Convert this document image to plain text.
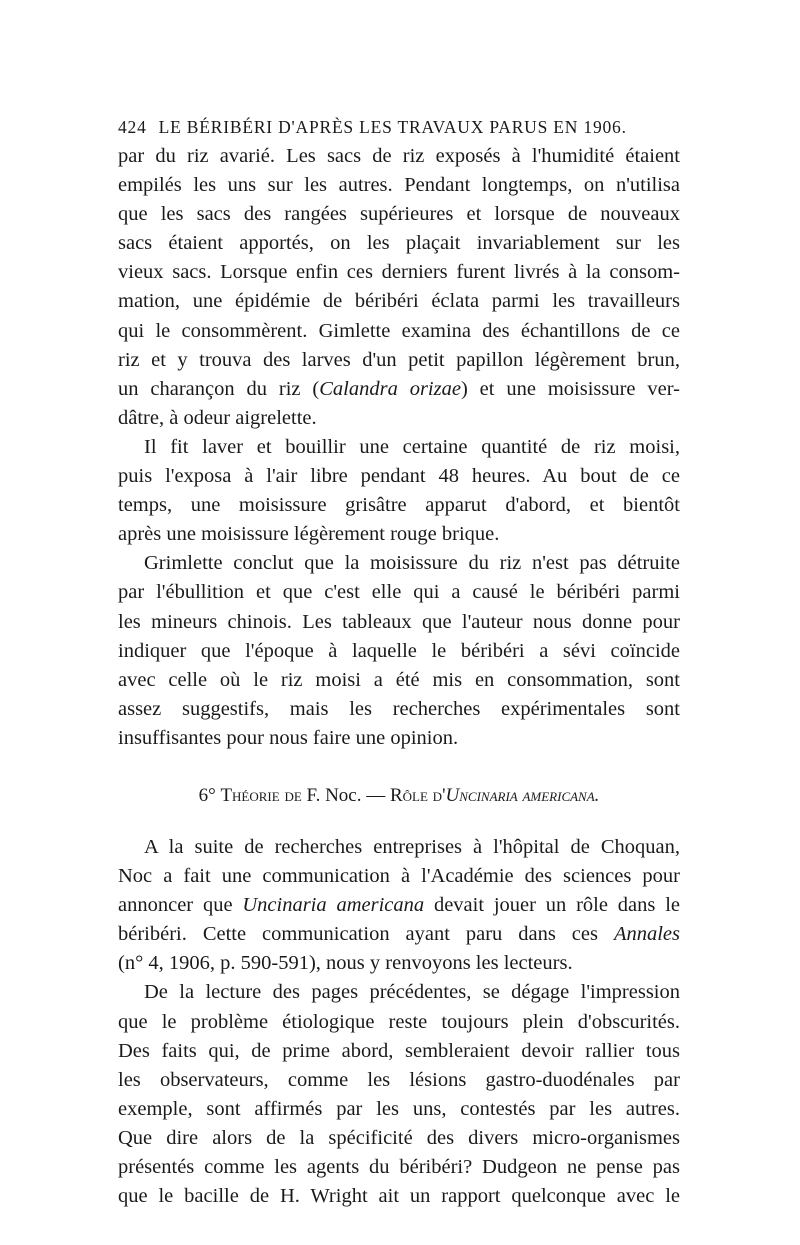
424 LE BÉRIBÉRI D'APRÈS LES TRAVAUX PARUS EN 1906.
par du riz avarié. Les sacs de riz exposés à l'humidité étaient
empilés les uns sur les autres. Pendant longtemps, on n'utilisa
que les sacs des rangées supérieures et lorsque de nouveaux
sacs étaient apportés, on les plaçait invariablement sur les
vieux sacs. Lorsque enfin ces derniers furent livrés à la consom-
mation, une épidémie de béribéri éclata parmi les travailleurs
qui le consommèrent. Gimlette examina des échantillons de ce
riz et y trouva des larves d'un petit papillon légèrement brun,
un charançon du riz (Calandra orizae) et une moisissure ver-
dâtre, à odeur aigrelette.
Il fit laver et bouillir une certaine quantité de riz moisi,
puis l'exposa à l'air libre pendant 48 heures. Au bout de ce
temps, une moisissure grisâtre apparut d'abord, et bientôt
après une moisissure légèrement rouge brique.
Grimlette conclut que la moisissure du riz n'est pas détruite
par l'ébullition et que c'est elle qui a causé le béribéri parmi
les mineurs chinois. Les tableaux que l'auteur nous donne pour
indiquer que l'époque à laquelle le béribéri a sévi coïncide
avec celle où le riz moisi a été mis en consommation, sont
assez suggestifs, mais les recherches expérimentales sont
insuffisantes pour nous faire une opinion.
6° Théorie de F. Noc. — Rôle d'Uncinaria americana.
A la suite de recherches entreprises à l'hôpital de Choquan,
Noc a fait une communication à l'Académie des sciences pour
annoncer que Uncinaria americana devait jouer un rôle dans le
béribéri. Cette communication ayant paru dans ces Annales
(n° 4, 1906, p. 590-591), nous y renvoyons les lecteurs.
De la lecture des pages précédentes, se dégage l'impression
que le problème étiologique reste toujours plein d'obscurités.
Des faits qui, de prime abord, sembleraient devoir rallier tous
les observateurs, comme les lésions gastro-duodénales par
exemple, sont affirmés par les uns, contestés par les autres.
Que dire alors de la spécificité des divers micro-organismes
présentés comme les agents du béribéri? Dudgeon ne pense pas
que le bacille de H. Wright ait un rapport quelconque avec le
